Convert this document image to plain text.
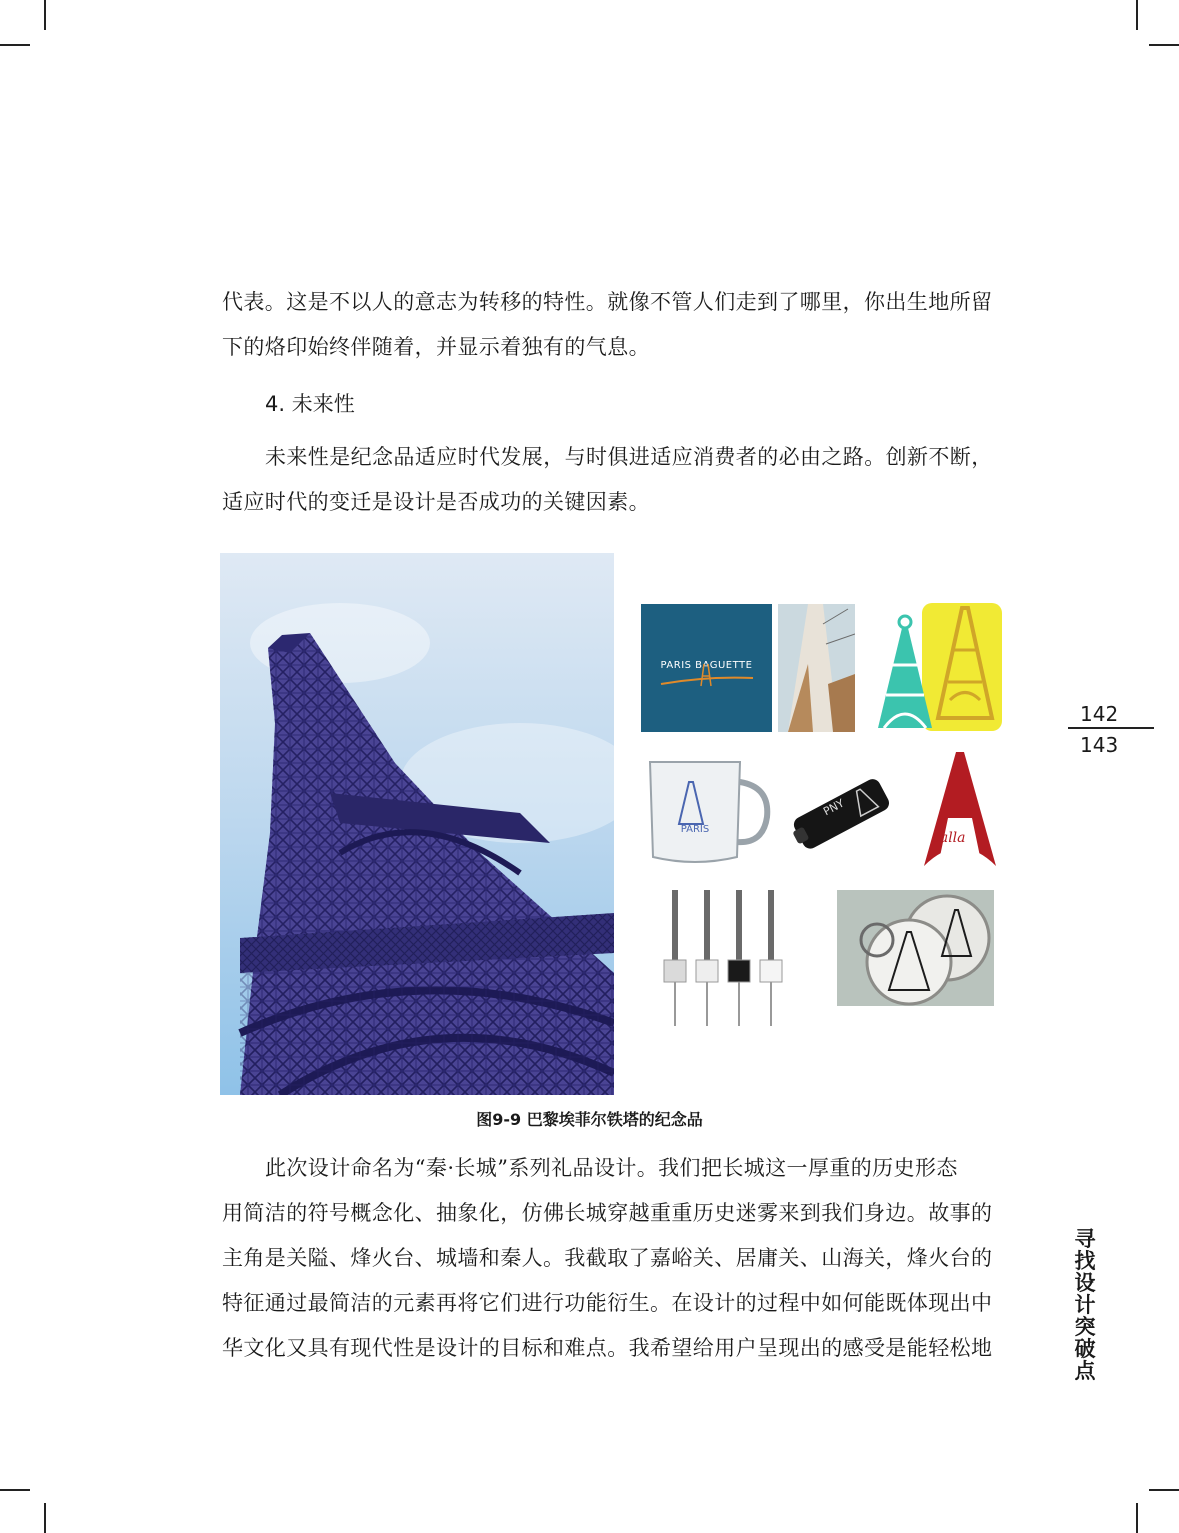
代表。这是不以人的意志为转移的特性。就像不管人们走到了哪里，你出生地所留
下的烙印始终伴随着，并显示着独有的气息。

4. 未来性

未来性是纪念品适应时代发展，与时俱进适应消费者的必由之路。创新不断，
适应时代的变迁是设计是否成功的关键因素。

PARIS BAGUETTE
PARIS
PNY
calla
图9-9 巴黎埃菲尔铁塔的纪念品

此次设计命名为“秦·长城”系列礼品设计。我们把长城这一厚重的历史形态
用简洁的符号概念化、抽象化，仿佛长城穿越重重历史迷雾来到我们身边。故事的
主角是关隘、烽火台、城墙和秦人。我截取了嘉峪关、居庸关、山海关，烽火台的
特征通过最简洁的元素再将它们进行功能衍生。在设计的过程中如何能既体现出中
华文化又具有现代性是设计的目标和难点。我希望给用户呈现出的感受是能轻松地

142
143
寻
找
设
计
突
破
点
